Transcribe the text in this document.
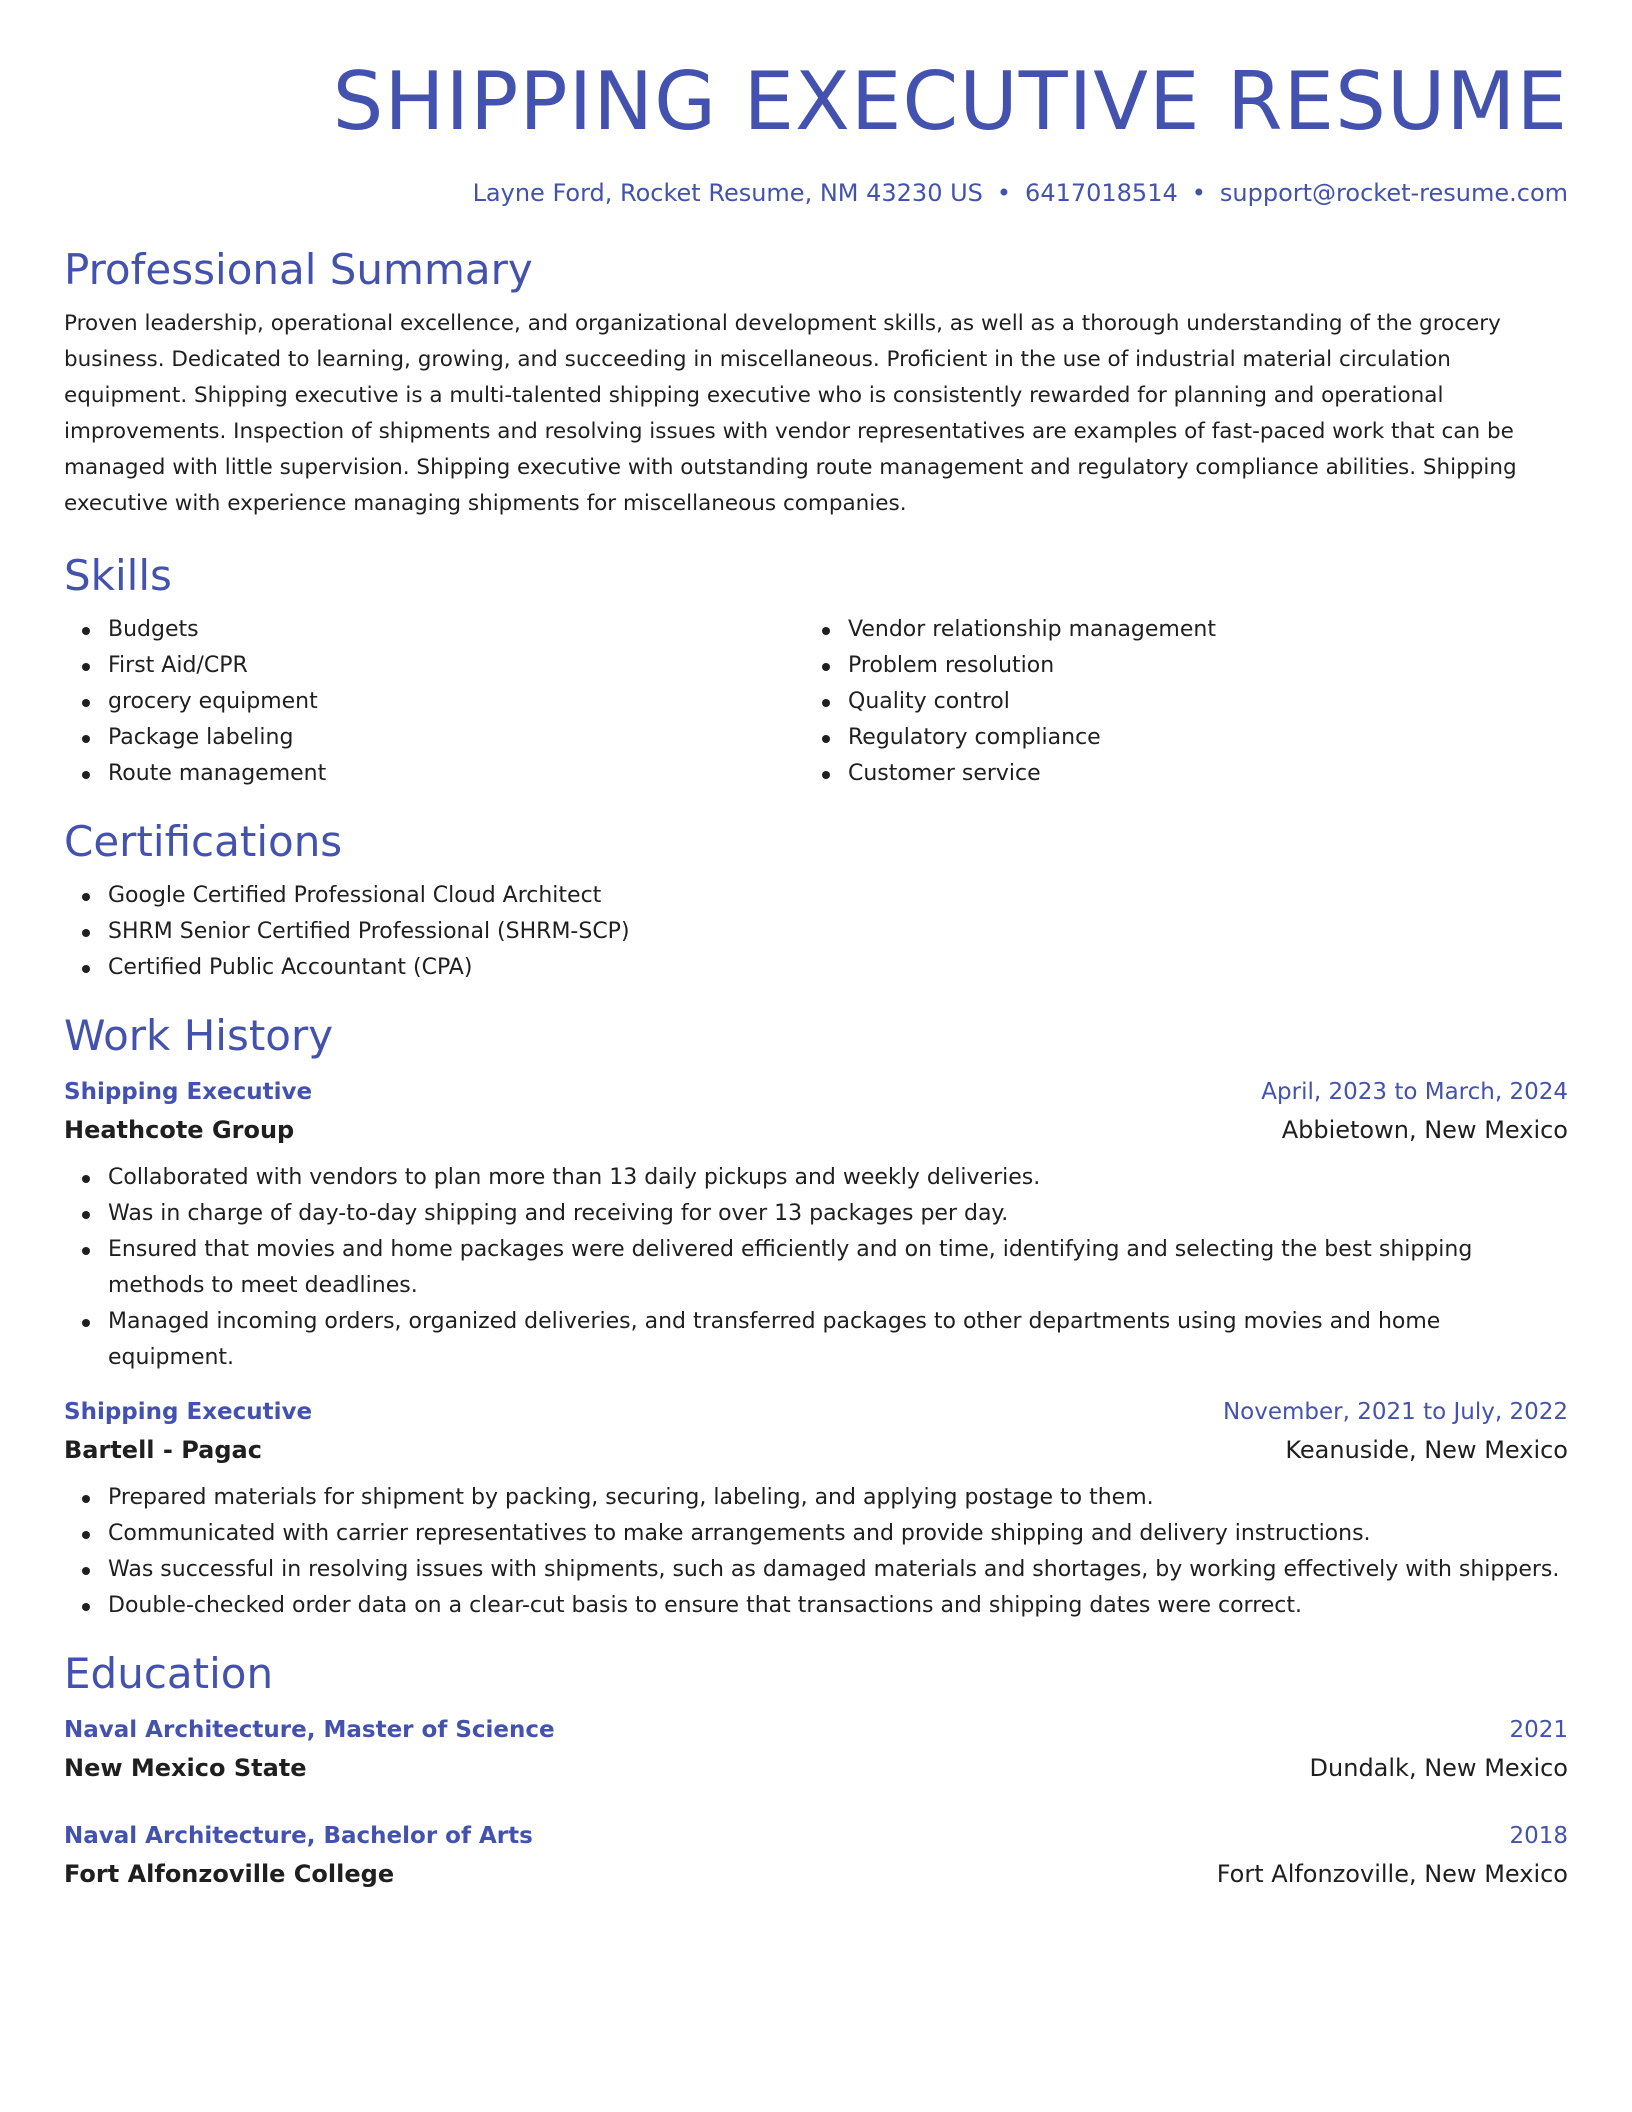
SHIPPING EXECUTIVE RESUME
Layne Ford, Rocket Resume, NM 43230 US • 6417018514 • support@rocket-resume.com
Professional Summary

Proven leadership, operational excellence, and organizational development skills, as well as a thorough understanding of the grocery business. Dedicated to learning, growing, and succeeding in miscellaneous. Proficient in the use of industrial material circulation equipment. Shipping executive is a multi-talented shipping executive who is consistently rewarded for planning and operational improvements. Inspection of shipments and resolving issues with vendor representatives are examples of fast-paced work that can be managed with little supervision. Shipping executive with outstanding route management and regulatory compliance abilities. Shipping executive with experience managing shipments for miscellaneous companies.

Skills
Budgets
First Aid/CPR
grocery equipment
Package labeling
Route management
Vendor relationship management
Problem resolution
Quality control
Regulatory compliance
Customer service
Certifications
Google Certified Professional Cloud Architect
SHRM Senior Certified Professional (SHRM-SCP)
Certified Public Accountant (CPA)
Work History
Shipping Executive	April, 2023 to March, 2024
Heathcote Group	Abbietown, New Mexico
Collaborated with vendors to plan more than 13 daily pickups and weekly deliveries.
Was in charge of day-to-day shipping and receiving for over 13 packages per day.
Ensured that movies and home packages were delivered efficiently and on time, identifying and selecting the best shipping methods to meet deadlines.
Managed incoming orders, organized deliveries, and transferred packages to other departments using movies and home equipment.
Shipping Executive	November, 2021 to July, 2022
Bartell - Pagac	Keanuside, New Mexico
Prepared materials for shipment by packing, securing, labeling, and applying postage to them.
Communicated with carrier representatives to make arrangements and provide shipping and delivery instructions.
Was successful in resolving issues with shipments, such as damaged materials and shortages, by working effectively with shippers.
Double-checked order data on a clear-cut basis to ensure that transactions and shipping dates were correct.
Education
Naval Architecture, Master of Science	2021
New Mexico State	Dundalk, New Mexico
Naval Architecture, Bachelor of Arts	2018
Fort Alfonzoville College	Fort Alfonzoville, New Mexico
